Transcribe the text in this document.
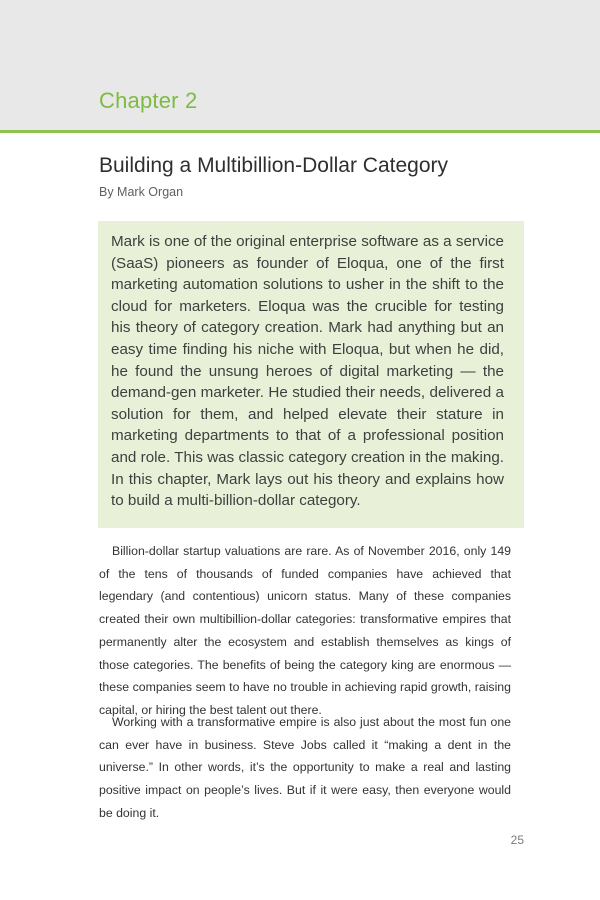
Chapter 2
Building a Multibillion-Dollar Category

By Mark Organ

Mark is one of the original enterprise software as a service (SaaS) pioneers as founder of Eloqua, one of the first marketing automation solutions to usher in the shift to the cloud for marketers. Eloqua was the crucible for testing his theory of category creation. Mark had anything but an easy time finding his niche with Eloqua, but when he did, he found the unsung heroes of digital marketing — the demand-gen marketer. He studied their needs, delivered a solution for them, and helped elevate their stature in marketing departments to that of a professional position and role. This was classic category creation in the making. In this chapter, Mark lays out his theory and explains how to build a multi-billion-dollar category.

Billion-dollar startup valuations are rare. As of November 2016, only 149 of the tens of thousands of funded companies have achieved that legendary (and contentious) unicorn status. Many of these companies created their own multibillion-dollar categories: transformative empires that permanently alter the ecosystem and establish themselves as kings of those categories. The benefits of being the category king are enormous — these companies seem to have no trouble in achieving rapid growth, raising capital, or hiring the best talent out there.

Working with a transformative empire is also just about the most fun one can ever have in business. Steve Jobs called it “making a dent in the universe.” In other words, it’s the opportunity to make a real and lasting positive impact on people’s lives. But if it were easy, then everyone would be doing it.

25
